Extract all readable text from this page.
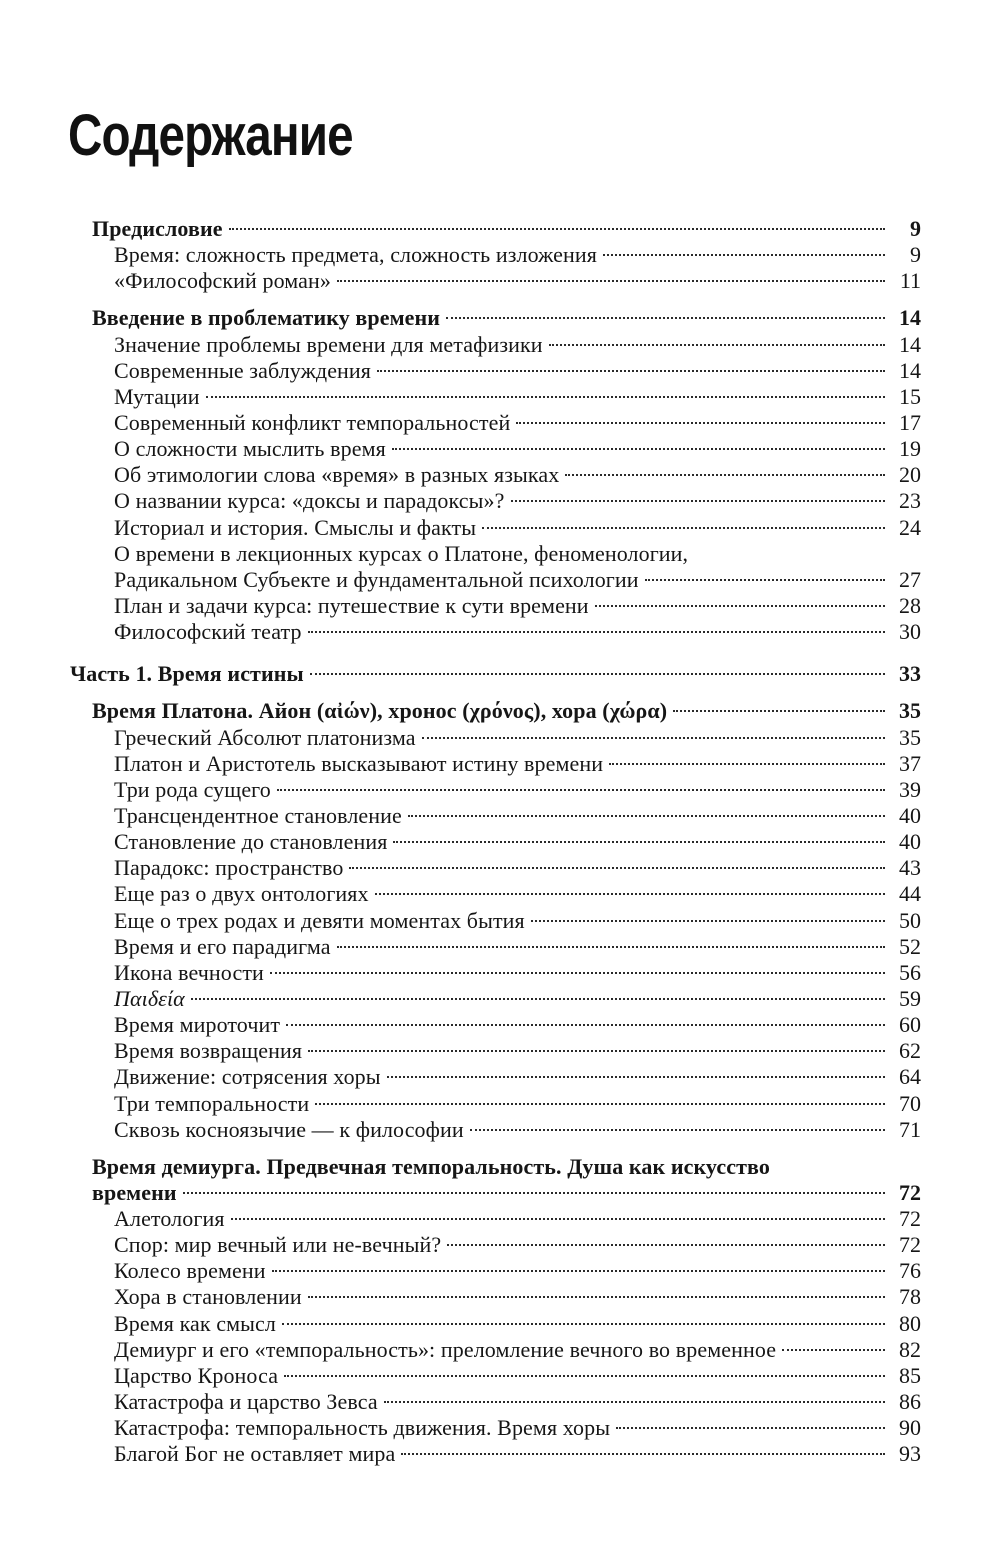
Содержание
Предисловие	9
Время: сложность предмета, сложность изложения	9
«Философский роман»	11
Введение в проблематику времени	14
Значение проблемы времени для метафизики	14
Современные заблуждения	14
Мутации	15
Современный конфликт темпоральностей	17
О сложности мыслить время	19
Об этимологии слова «время» в разных языках	20
О названии курса: «доксы и парадоксы»?	23
Историал и история. Смыслы и факты	24
О времени в лекционных курсах о Платоне, феноменологии,
Радикальном Субъекте и фундаментальной психологии	27
План и задачи курса: путешествие к сути времени	28
Философский театр	30
Часть 1. Время истины	33
Время Платона. Айон (αἰών), хронос (χρόνος), хора (χώρα)	35
Греческий Абсолют платонизма	35
Платон и Аристотель высказывают истину времени	37
Три рода сущего	39
Трансцендентное становление	40
Становление до становления	40
Парадокс: пространство	43
Еще раз о двух онтологиях	44
Еще о трех родах и девяти моментах бытия	50
Время и его парадигма	52
Икона вечности	56
Παιδεία	59
Время мироточит	60
Время возвращения	62
Движение: сотрясения хоры	64
Три темпоральности	70
Сквозь косноязычие — к философии	71
Время демиурга. Предвечная темпоральность. Душа как искусство
времени	72
Алетология	72
Спор: мир вечный или не-вечный?	72
Колесо времени	76
Хора в становлении	78
Время как смысл	80
Демиург и его «темпоральность»: преломление вечного во временное	82
Царство Кроноса	85
Катастрофа и царство Зевса	86
Катастрофа: темпоральность движения. Время хоры	90
Благой Бог не оставляет мира	93
